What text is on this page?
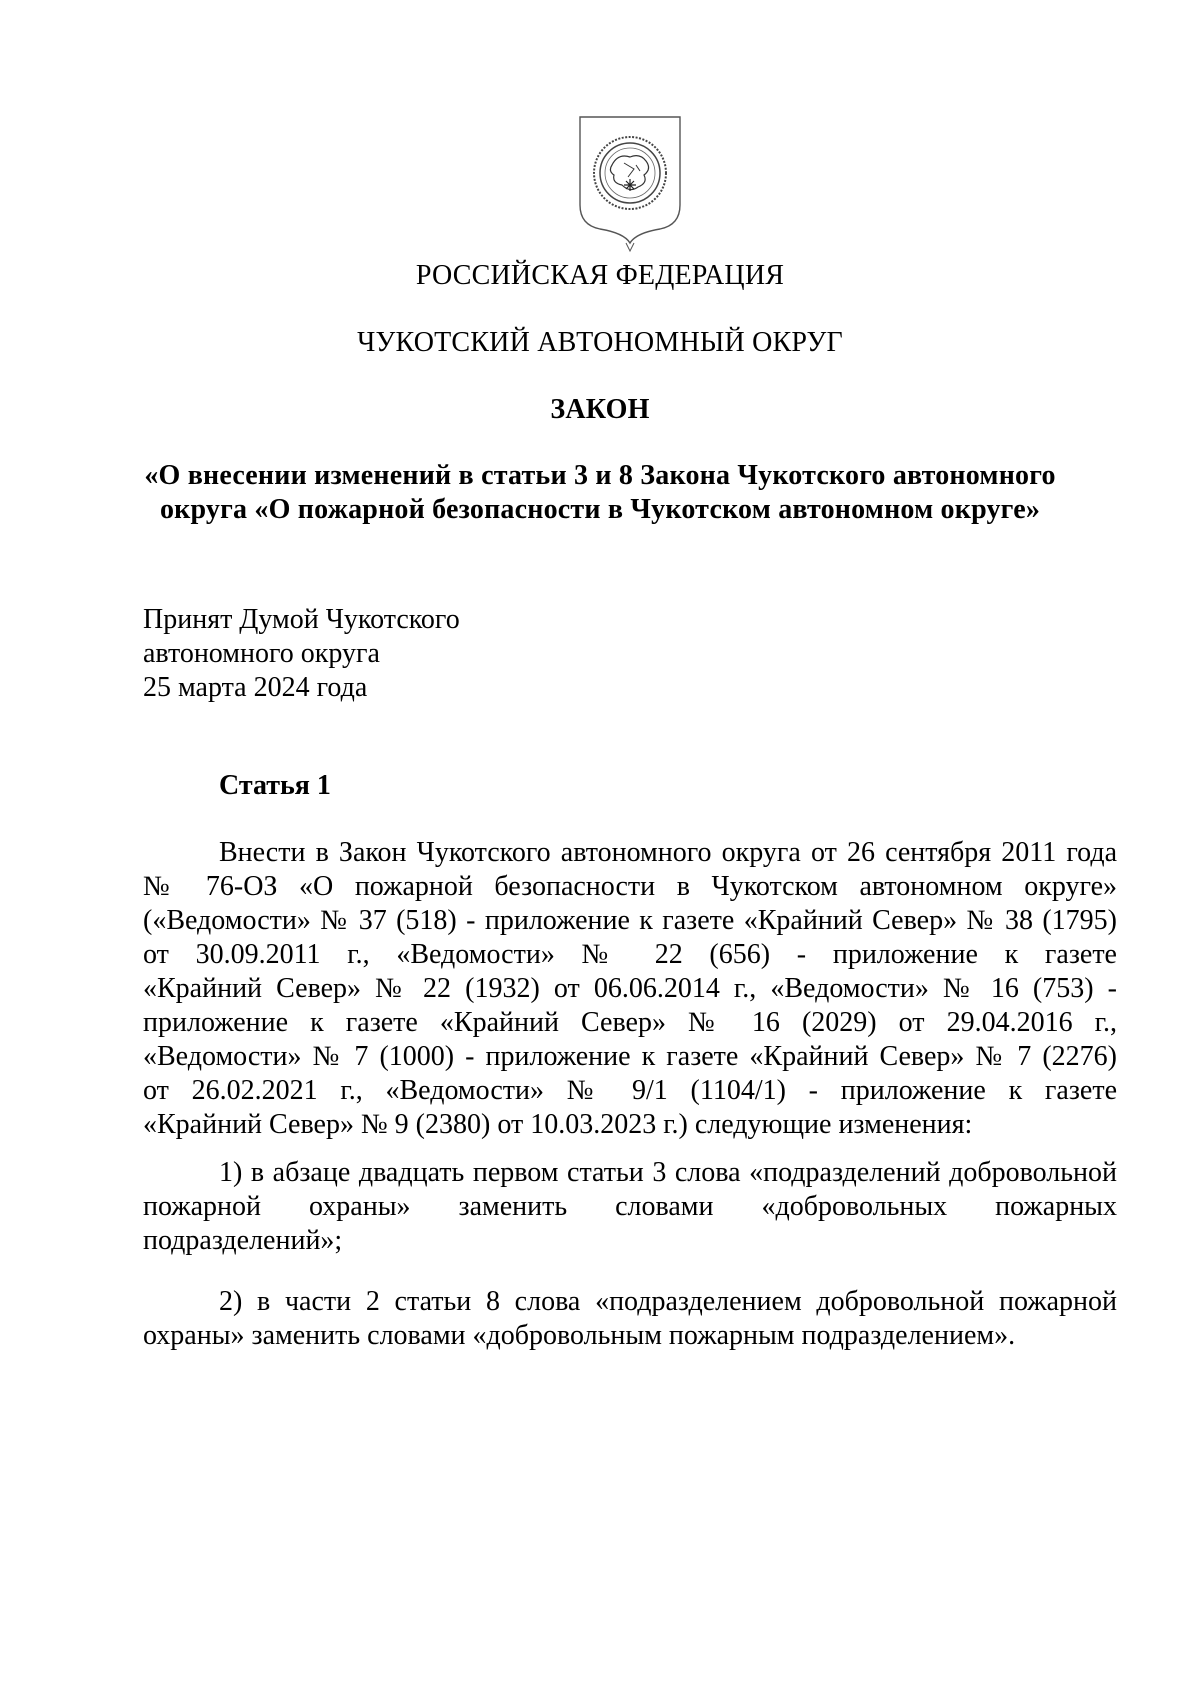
РОССИЙСКАЯ ФЕДЕРАЦИЯ
ЧУКОТСКИЙ АВТОНОМНЫЙ ОКРУГ
ЗАКОН
«О внесении изменений в статьи 3 и 8 Закона Чукотского автономного
округа «О пожарной безопасности в Чукотском автономном округе»
Принят Думой Чукотского
автономного округа
25 марта 2024 года
Статья 1
Внести в Закон Чукотского автономного округа от 26 сентября 2011 года
№ 76-ОЗ «О пожарной безопасности в Чукотском автономном округе»
(«Ведомости» № 37 (518) - приложение к газете «Крайний Север» № 38 (1795)
от 30.09.2011 г., «Ведомости» № 22 (656) - приложение к газете
«Крайний Север» № 22 (1932) от 06.06.2014 г., «Ведомости» № 16 (753) -
приложение к газете «Крайний Север» № 16 (2029) от 29.04.2016 г.,
«Ведомости» № 7 (1000) - приложение к газете «Крайний Север» № 7 (2276)
от 26.02.2021 г., «Ведомости» № 9/1 (1104/1) - приложение к газете
«Крайний Север» № 9 (2380) от 10.03.2023 г.) следующие изменения:
1) в абзаце двадцать первом статьи 3 слова «подразделений добровольной
пожарной охраны» заменить словами «добровольных пожарных
подразделений»;
2) в части 2 статьи 8 слова «подразделением добровольной пожарной
охраны» заменить словами «добровольным пожарным подразделением».
